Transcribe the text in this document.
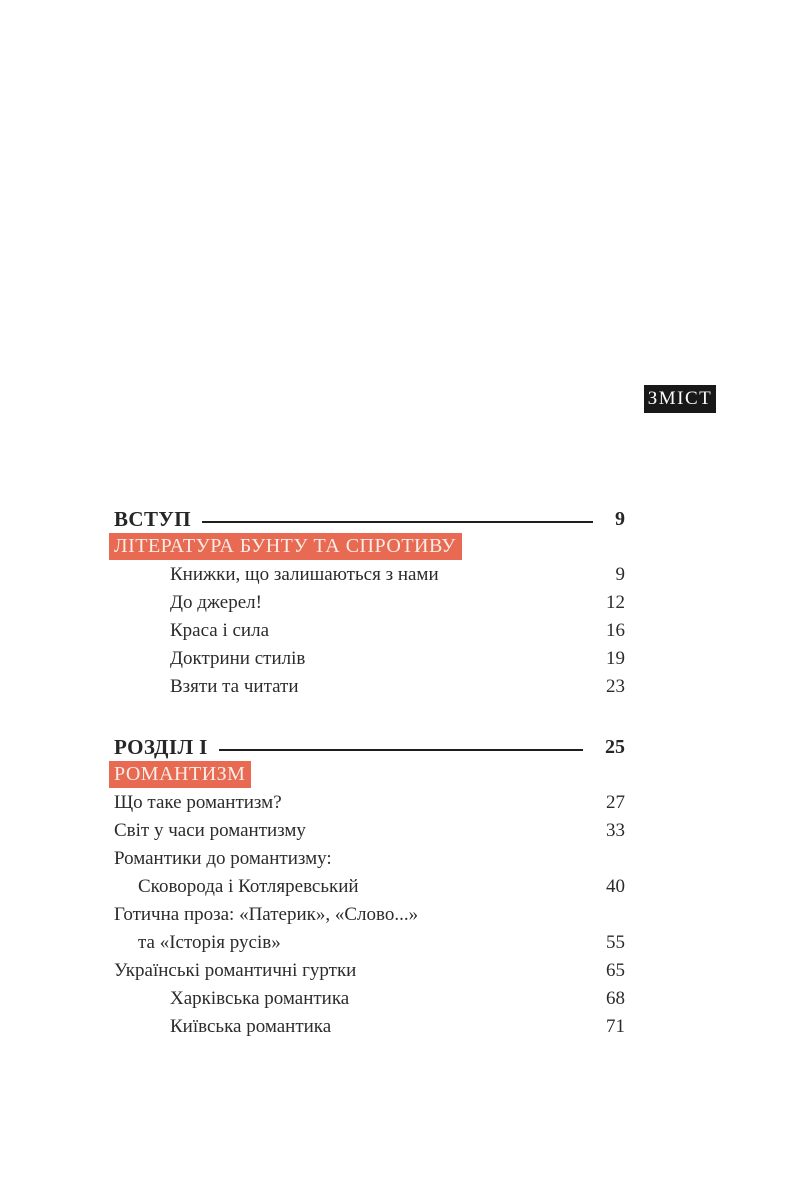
ЗМІСТ
ВСТУП	9
ЛІТЕРАТУРА БУНТУ ТА СПРОТИВУ
Книжки, що залишаються з нами	9
До джерел!	12
Краса і сила	16
Доктрини стилів	19
Взяти та читати	23
РОЗДІЛ І	25
РОМАНТИЗМ
Що таке романтизм?	27
Світ у часи романтизму	33
Романтики до романтизму:
Сковорода і Котляревський	40
Готична проза: «Патерик», «Слово...»
та «Історія русів»	55
Українські романтичні гуртки	65
Харківська романтика	68
Київська романтика	71
